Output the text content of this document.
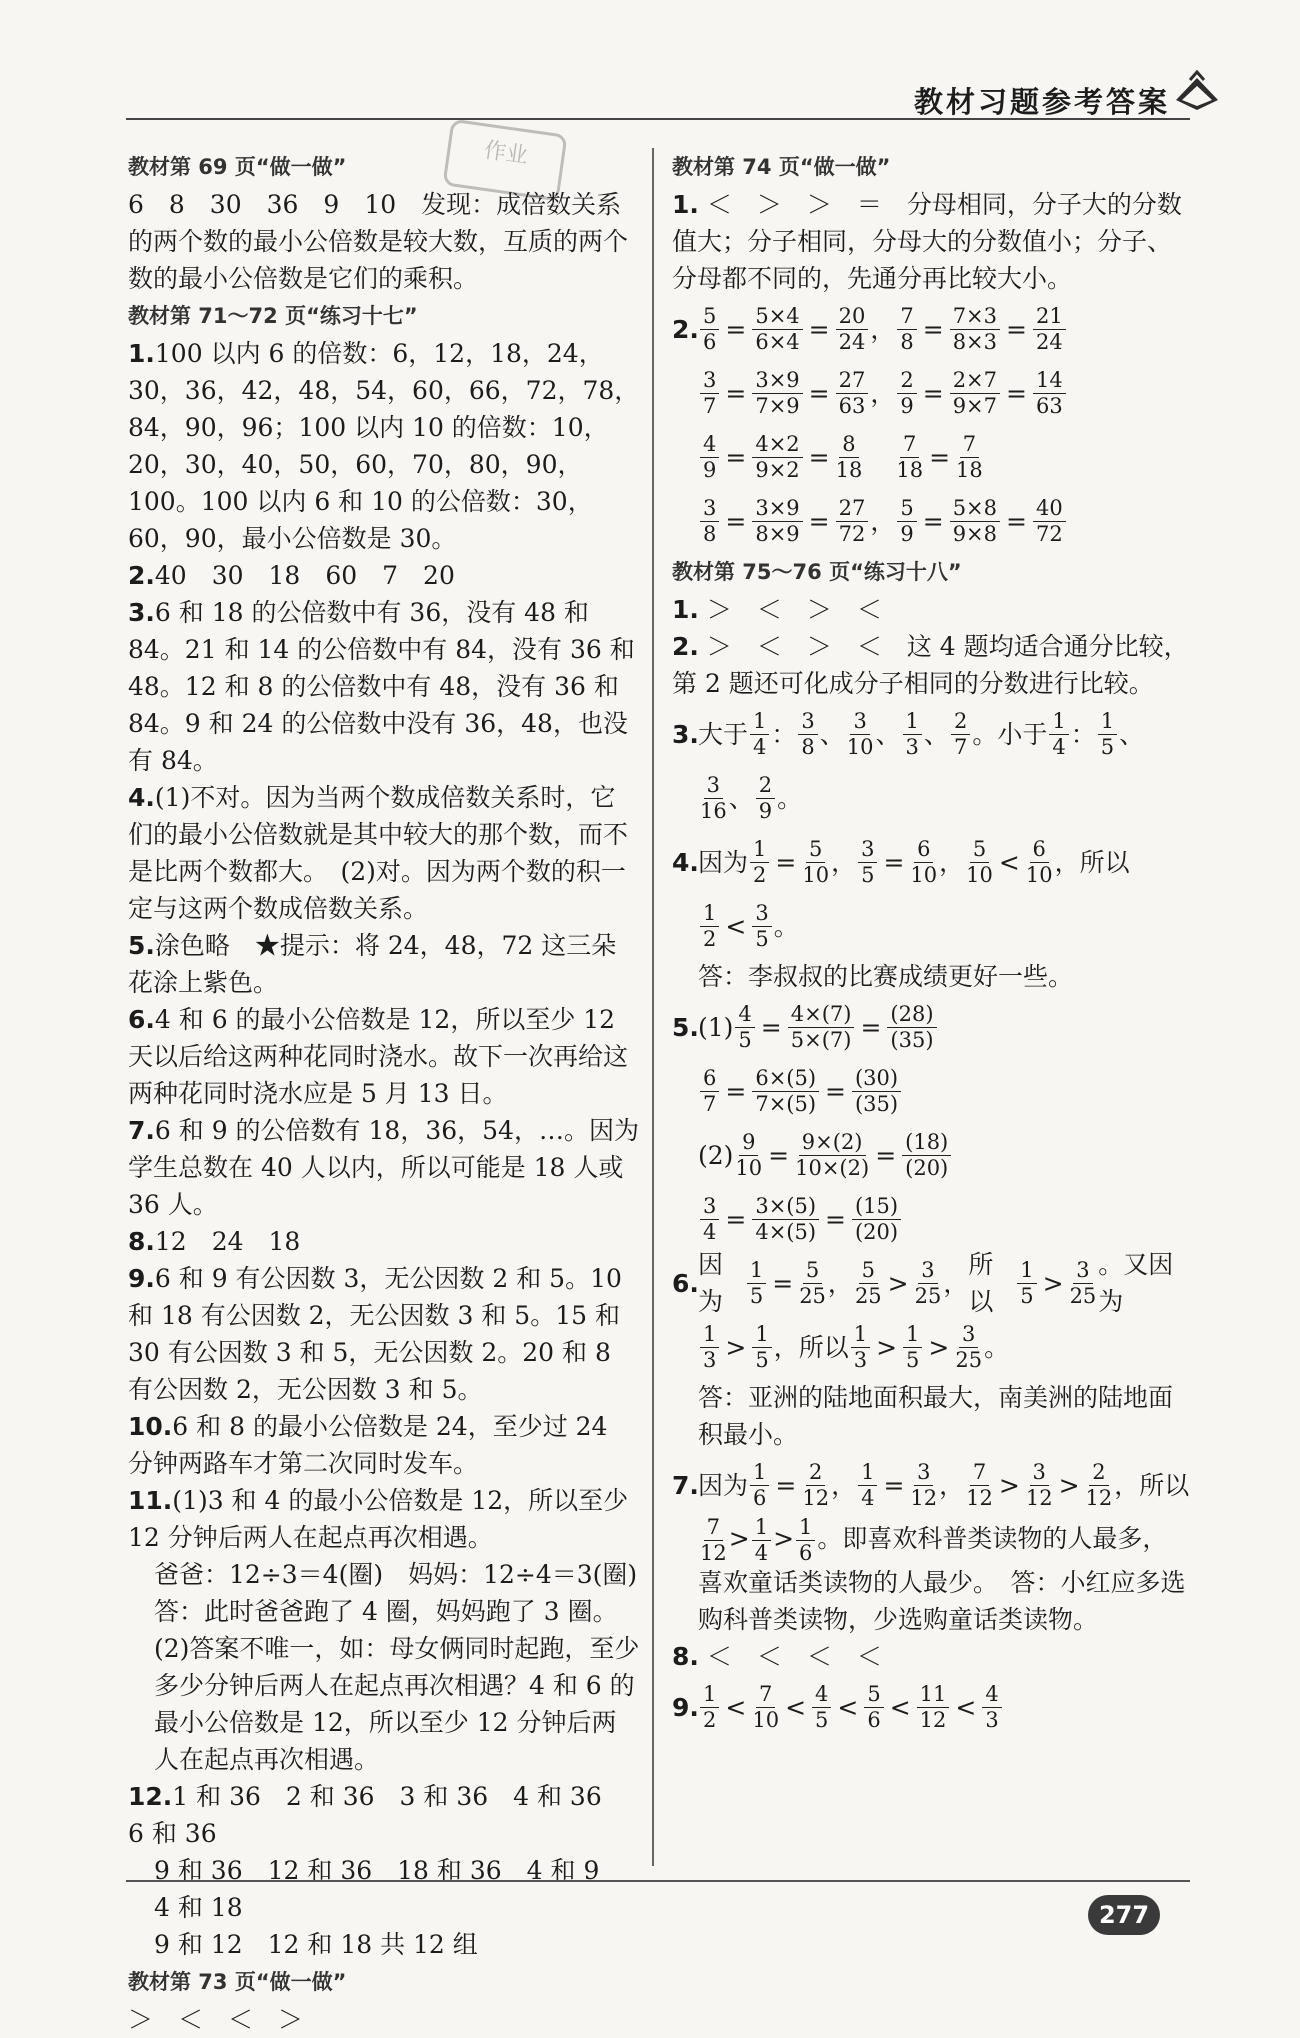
教材习题参考答案
作业
教材第 69 页“做一做”
6　8　30　36　9　10　发现：成倍数关系的两个数的最小公倍数是较大数，互质的两个数的最小公倍数是它们的乘积。
教材第 71～72 页“练习十七”
1.100 以内 6 的倍数：6，12，18，24，30，36，42，48，54，60，66，72，78，84，90，96；100 以内 10 的倍数：10，20，30，40，50，60，70，80，90，100。100 以内 6 和 10 的公倍数：30，60，90，最小公倍数是 30。
2.40　30　18　60　7　20
3.6 和 18 的公倍数中有 36，没有 48 和 84。21 和 14 的公倍数中有 84，没有 36 和 48。12 和 8 的公倍数中有 48，没有 36 和 84。9 和 24 的公倍数中没有 36，48，也没有 84。
4.(1)不对。因为当两个数成倍数关系时，它们的最小公倍数就是其中较大的那个数，而不是比两个数都大。　(2)对。因为两个数的积一定与这两个数成倍数关系。
5.涂色略　★提示：将 24，48，72 这三朵花涂上紫色。
6.4 和 6 的最小公倍数是 12，所以至少 12 天以后给这两种花同时浇水。故下一次再给这两种花同时浇水应是 5 月 13 日。
7.6 和 9 的公倍数有 18，36，54，…。因为学生总数在 40 人以内，所以可能是 18 人或 36 人。
8.12　24　18
9.6 和 9 有公因数 3，无公因数 2 和 5。10 和 18 有公因数 2，无公因数 3 和 5。15 和 30 有公因数 3 和 5，无公因数 2。20 和 8 有公因数 2，无公因数 3 和 5。
10.6 和 8 的最小公倍数是 24，至少过 24 分钟两路车才第二次同时发车。
11.(1)3 和 4 的最小公倍数是 12，所以至少 12 分钟后两人在起点再次相遇。
爸爸：12÷3＝4(圈)　妈妈：12÷4＝3(圈)
答：此时爸爸跑了 4 圈，妈妈跑了 3 圈。
(2)答案不唯一，如：母女俩同时起跑，至少多少分钟后两人在起点再次相遇？4 和 6 的最小公倍数是 12，所以至少 12 分钟后两人在起点再次相遇。
12.1 和 36　2 和 36　3 和 36　4 和 36　6 和 36
9 和 36　12 和 36　18 和 36　4 和 9　4 和 18
9 和 12　12 和 18 共 12 组
教材第 73 页“做一做”
＞　＜　＜　＞
教材第 74 页“做一做”
1. ＜　＞　＞　＝　分母相同，分子大的分数值大；分子相同，分母大的分数值小；分子、分母都不同的，先通分再比较大小。
2. $\frac{5}{6} = \frac{5\times 4}{6\times 4} = \frac{20}{24}$ ， $\frac{7}{8} = \frac{7\times 3}{8\times 3} = \frac{21}{24}$
$\frac{3}{7} = \frac{3\times 9}{7\times 9} = \frac{27}{63}$ ， $\frac{2}{9} = \frac{2\times 7}{9\times 7} = \frac{14}{63}$
$\frac{4}{9} = \frac{4\times 2}{9\times 2} = \frac{8}{18} \frac{7}{18} = \frac{7}{18}$
$\frac{3}{8} = \frac{3\times 9}{8\times 9} = \frac{27}{72}$ ， $\frac{5}{9} = \frac{5\times 8}{9\times 8} = \frac{40}{72}$
教材第 75～76 页“练习十八”
1. ＞　＜　＞　＜
2. ＞　＜　＞　＜　这 4 题均适合通分比较，第 2 题还可化成分子相同的分数进行比较。
3. 大于 $\frac{1}{4}$ ： $\frac{3}{8}$ 、 $\frac{3}{10}$ 、 $\frac{1}{3}$ 、 $\frac{2}{7}$ 。 小于 $\frac{1}{4}$ ： $\frac{1}{5}$ 、
$\frac{3}{16}$ 、 $\frac{2}{9}$ 。
4. 因为 $\frac{1}{2} = \frac{5}{10}$ ， $\frac{3}{5} = \frac{6}{10}$ ， $\frac{5}{10} < \frac{6}{10}$ ， 所以
$\frac{1}{2} < \frac{3}{5}$ 。
答：李叔叔的比赛成绩更好一些。
5. $(1) \frac{4}{5} = \frac{4\times(7)}{5\times(7)} = \frac{(28)}{(35)}$
$\frac{6}{7} = \frac{6\times(5)}{7\times(5)} = \frac{(30)}{(35)}$
$(2) \frac{9}{10} = \frac{9\times(2)}{10\times(2)} = \frac{(18)}{(20)}$
$\frac{3}{4} = \frac{3\times(5)}{4\times(5)} = \frac{(15)}{(20)}$
6.
因为	$\frac{1}{5} = \frac{5}{25}$ ， $\frac{5}{25} > \frac{3}{25}$ ，
所以	$\frac{1}{5} > \frac{3}{25}$ 。又因为
$\frac{1}{3} > \frac{1}{5}$ ，所以 $\frac{1}{3} > \frac{1}{5} > \frac{3}{25}$ 。
答：亚洲的陆地面积最大，南美洲的陆地面积最小。
7. 因为 $\frac{1}{6} = \frac{2}{12}$ ， $\frac{1}{4} = \frac{3}{12}$ ， $\frac{7}{12} > \frac{3}{12} > \frac{2}{12}$ ， 所以
$\frac{7}{12} > \frac{1}{4} > \frac{1}{6}$ 。即喜欢科普类读物的人最多，喜欢童话类读物的人最少。　答：小红应多选购科普类读物，少选购童话类读物。
8. ＜　＜　＜　＜
9. $\frac{1}{2} < \frac{7}{10} < \frac{4}{5} < \frac{5}{6} < \frac{11}{12} < \frac{4}{3}$
277
